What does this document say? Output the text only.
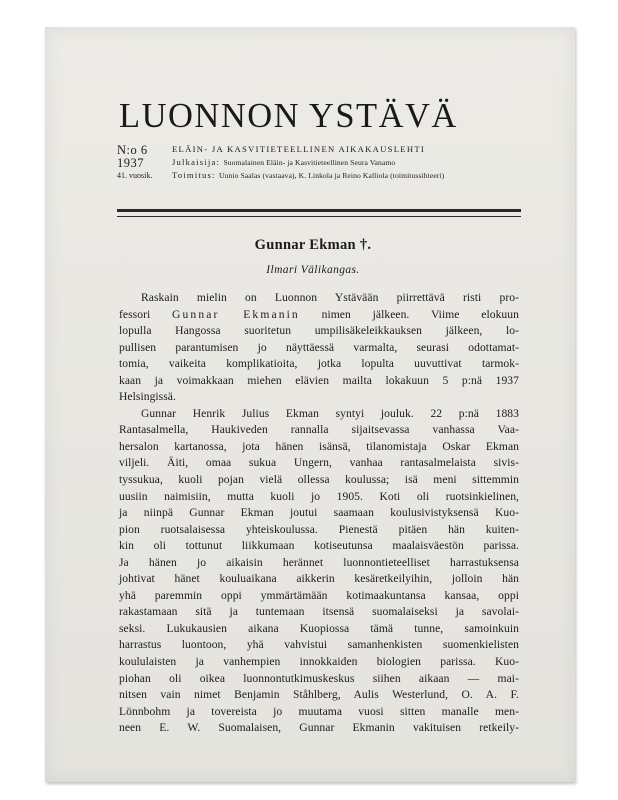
LUONNON YSTÄVÄ
N:o 6	ELÄIN- JA KASVITIETEELLINEN AIKAKAUSLEHTI
1937	Julkaisija: Suomalainen Eläin- ja Kasvitieteellinen Seura Vanamo
41. vuosik. Toimitus: Uunio Saalas (vastaava), K. Linkola ja Reino Kalliola (toimitussihteeri)
Gunnar Ekman †.
Ilmari Välikangas.
Raskain mielin on Luonnon Ystävään piirrettävä risti pro-
fessori Gunnar Ekmanin nimen jälkeen. Viime elokuun
lopulla Hangossa suoritetun umpilisäkeleikkauksen jälkeen, lo-
pullisen parantumisen jo näyttäessä varmalta, seurasi odottamat-
tomia, vaikeita komplikatioita, jotka lopulta uuvuttivat tarmok-
kaan ja voimakkaan miehen elävien mailta lokakuun 5 p:nä 1937
Helsingissä.
Gunnar Henrik Julius Ekman syntyi jouluk. 22 p:nä 1883
Rantasalmella, Haukiveden rannalla sijaitsevassa vanhassa Vaa-
hersalon kartanossa, jota hänen isänsä, tilanomistaja Oskar Ekman
viljeli. Äiti, omaa sukua Ungern, vanhaa rantasalmelaista sivis-
tyssukua, kuoli pojan vielä ollessa koulussa; isä meni sittemmin
uusiin naimisiin, mutta kuoli jo 1905. Koti oli ruotsinkielinen,
ja niinpä Gunnar Ekman joutui saamaan koulusivistyksensä Kuo-
pion ruotsalaisessa yhteiskoulussa. Pienestä pitäen hän kuiten-
kin oli tottunut liikkumaan kotiseutunsa maalaisväestön parissa.
Ja hänen jo aikaisin herännet luonnontieteelliset harrastuksensa
johtivat hänet kouluaikana aikkerin kesäretkeilyihin, jolloin hän
yhä paremmin oppi ymmärtämään kotimaakuntansa kansaa, oppi
rakastamaan sitä ja tuntemaan itsensä suomalaiseksi ja savolai-
seksi. Lukukausien aikana Kuopiossa tämä tunne, samoinkuin
harrastus luontoon, yhä vahvistui samanhenkisten suomenkielisten
koululaisten ja vanhempien innokkaiden biologien parissa. Kuo-
piohan oli oikea luonnontutkimuskeskus siihen aikaan — mai-
nitsen vain nimet Benjamin Ståhlberg, Aulis Westerlund, O. A. F.
Lönnbohm ja tovereista jo muutama vuosi sitten manalle men-
neen E. W. Suomalaisen, Gunnar Ekmanin vakituisen retkeily-
